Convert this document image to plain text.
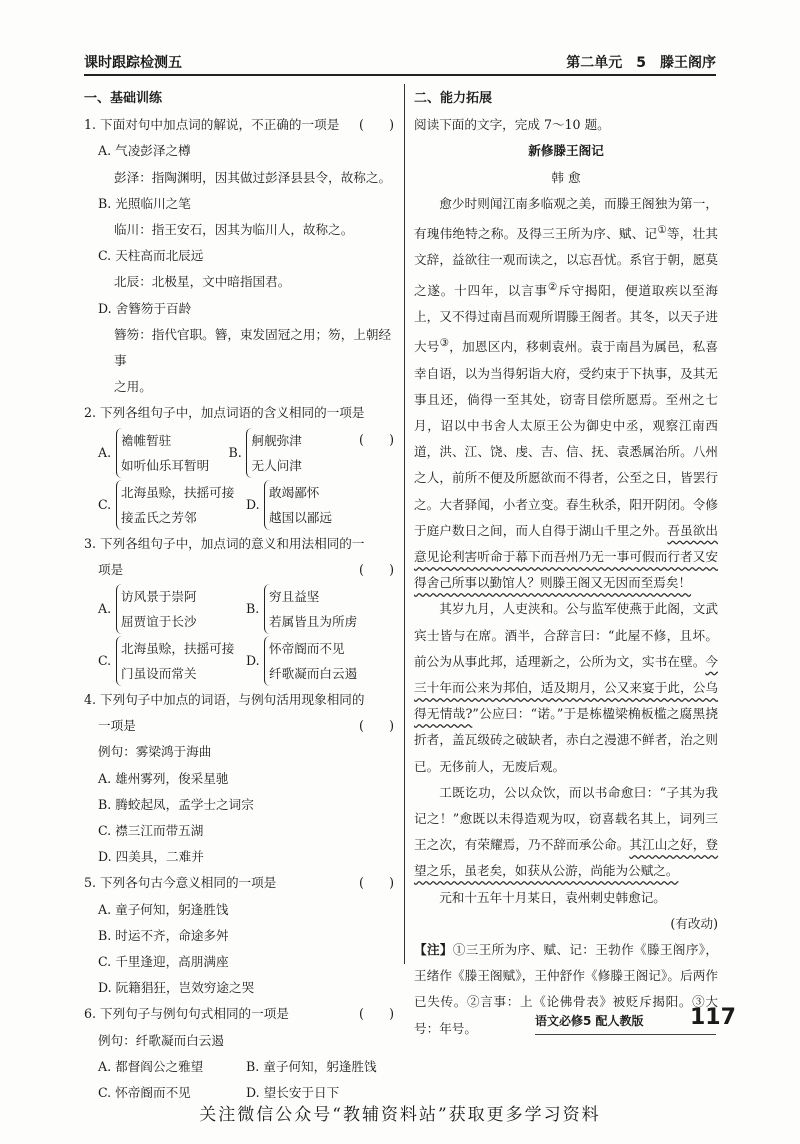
课时跟踪检测五	第二单元　5　滕王阁序
一、基础训练
1. 下面对句中加点词的解说，不正确的一项是 (　　)
A. 气凌彭泽之樽
彭泽：指陶渊明，因其做过彭泽县县令，故称之。
B. 光照临川之笔
临川：指王安石，因其为临川人，故称之。
C. 天柱高而北辰远
北辰：北极星，文中暗指国君。
D. 舍簪笏于百龄
簪笏：指代官职。簪，束发固冠之用；笏，上朝经事
之用。
2. 下列各组句子中，加点词语的含义相同的一项是
(　　)
A.
襜帷暂驻
如听仙乐耳暂明
B.
舸舰弥津
无人问津
C.
北海虽赊，扶摇可接
接孟氏之芳邻
D.
敢竭鄙怀
越国以鄙远
3. 下列各组句子中，加点词的意义和用法相同的一
项是	(　　)
A.
访风景于崇阿
屈贾谊于长沙
B.
穷且益坚
若属皆且为所虏
C.
北海虽赊，扶摇可接
门虽设而常关
D.
怀帝阍而不见
纤歌凝而白云遏
4. 下列句子中加点的词语，与例句活用现象相同的
一项是	(　　)
例句：雾梁鸿于海曲
A. 雄州雾列，俊采星驰
B. 腾蛟起凤，孟学士之词宗
C. 襟三江而带五湖
D. 四美具，二难并
5. 下列各句古今意义相同的一项是	(　　)
A. 童子何知，躬逢胜饯
B. 时运不齐，命途多舛
C. 千里逢迎，高朋满座
D. 阮籍猖狂，岂效穷途之哭
6. 下列句子与例句句式相同的一项是	(　　)
例句：纤歌凝而白云遏
A. 都督阎公之雅望	B. 童子何知，躬逢胜饯
C. 怀帝阍而不见	D. 望长安于日下
二、能力拓展
阅读下面的文字，完成 7～10 题。
新修滕王阁记
韩 愈

愈少时则闻江南多临观之美，而滕王阁独为第一，有瑰伟绝特之称。及得三王所为序、赋、记①等，壮其文辞，益欲往一观而读之，以忘吾忧。系官于朝，愿莫之遂。十四年，以言事②斥守揭阳，便道取疾以至海上，又不得过南昌而观所谓滕王阁者。其冬，以天子进大号③，加恩区内，移刺袁州。袁于南昌为属邑，私喜幸自语，以为当得躬诣大府，受约束于下执事，及其无事且还，倘得一至其处，窃寄目偿所愿焉。至州之七月，诏以中书舍人太原王公为御史中丞，观察江南西道，洪、江、饶、虔、吉、信、抚、袁悉属治所。八州之人，前所不便及所愿欲而不得者，公至之日，皆罢行之。大者驿闻，小者立变。春生秋杀，阳开阴闭。令修于庭户数日之间，而人自得于湖山千里之外。吾虽欲出意见论利害听命于幕下而吾州乃无一事可假而行者又安得舍己所事以勤馆人？则滕王阁又无因而至焉矣！

其岁九月，人吏浃和。公与监军使燕于此阁，文武宾士皆与在席。酒半，合辞言曰：“此屋不修，且坏。前公为从事此邦，适理新之，公所为文，实书在壁。今三十年而公来为邦伯，适及期月，公又来宴于此，公乌得无情哉?”公应曰：“诺。”于是栋楹梁桷板槛之腐黑挠折者，盖瓦级砖之破缺者，赤白之漫漶不鲜者，治之则已。无侈前人，无废后观。

工既讫功，公以众饮，而以书命愈曰：“子其为我记之！”愈既以未得造观为叹，窃喜载名其上，词列三王之次，有荣耀焉，乃不辞而承公命。其江山之好，登望之乐，虽老矣，如获从公游，尚能为公赋之。

元和十五年十月某日，袁州刺史韩愈记。

(有改动)
【注】①三王所为序、赋、记：王勃作《滕王阁序》，王绪作《滕王阁赋》，王仲舒作《修滕王阁记》。后两作已失传。②言事：上《论佛骨表》被贬斥揭阳。③大号：年号。	语文必修5 配人教版 117
关注微信公众号“教辅资料站”获取更多学习资料
